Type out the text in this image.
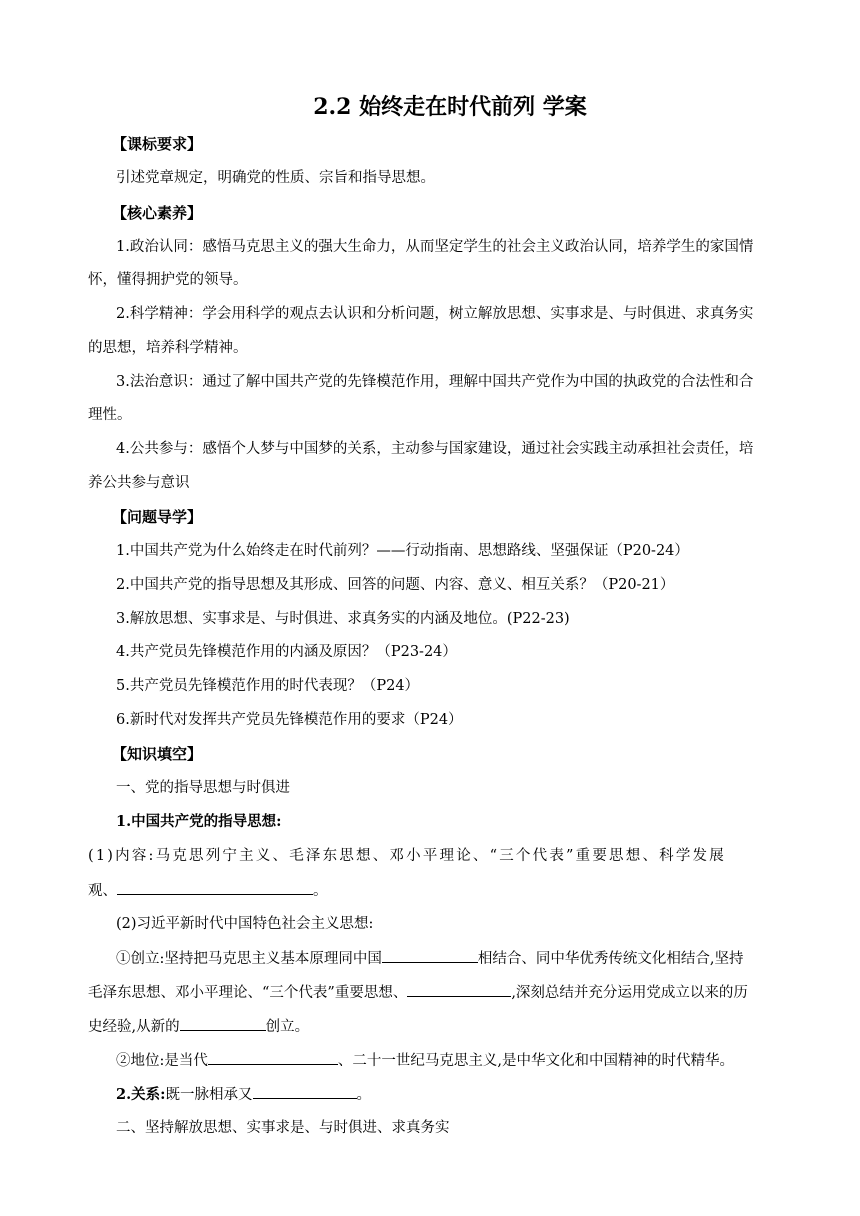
2.2 始终走在时代前列 学案
【课标要求】
引述党章规定，明确党的性质、宗旨和指导思想。
【核心素养】
1.政治认同：感悟马克思主义的强大生命力，从而坚定学生的社会主义政治认同，培养学生的家国情
怀，懂得拥护党的领导。
2.科学精神：学会用科学的观点去认识和分析问题，树立解放思想、实事求是、与时俱进、求真务实
的思想，培养科学精神。
3.法治意识：通过了解中国共产党的先锋模范作用，理解中国共产党作为中国的执政党的合法性和合
理性。
4.公共参与：感悟个人梦与中国梦的关系，主动参与国家建设，通过社会实践主动承担社会责任，培
养公共参与意识
【问题导学】
1.中国共产党为什么始终走在时代前列？——行动指南、思想路线、坚强保证（P20-24）
2.中国共产党的指导思想及其形成、回答的问题、内容、意义、相互关系？（P20-21）
3.解放思想、实事求是、与时俱进、求真务实的内涵及地位。(P22-23)
4.共产党员先锋模范作用的内涵及原因？（P23-24）
5.共产党员先锋模范作用的时代表现？（P24）
6.新时代对发挥共产党员先锋模范作用的要求（P24）
【知识填空】
一、党的指导思想与时俱进
1.中国共产党的指导思想:
(1)内容:马克思列宁主义、毛泽东思想、邓小平理论、“三个代表”重要思想、科学发展
观、	。
(2)习近平新时代中国特色社会主义思想:
①创立:坚持把马克思主义基本原理同中国	相结合、同中华优秀传统文化相结合,坚持
毛泽东思想、邓小平理论、“三个代表”重要思想、	,深刻总结并充分运用党成立以来的历
史经验,从新的	创立。
②地位:是当代	、二十一世纪马克思主义,是中华文化和中国精神的时代精华。
2.关系:既一脉相承又	。
二、坚持解放思想、实事求是、与时俱进、求真务实
